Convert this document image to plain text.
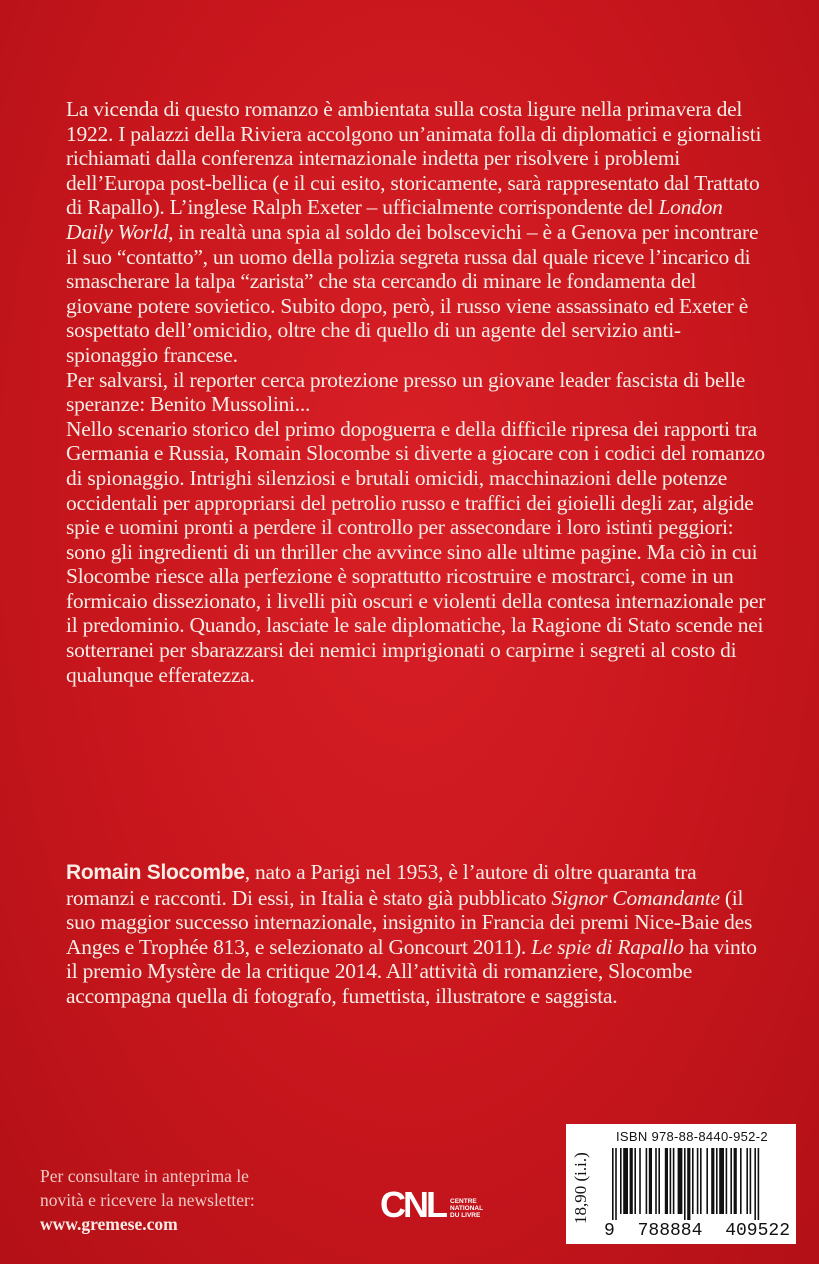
La vicenda di questo romanzo è ambientata sulla costa ligure nella primavera del 1922. I palazzi della Riviera accolgono un’animata folla di diplomatici e giornalisti richiamati dalla conferenza internazionale indetta per risolvere i problemi dell’Europa post-bellica (e il cui esito, storicamente, sarà rappresentato dal Trattato di Rapallo). L’inglese Ralph Exeter – ufficialmente corrispondente del London Daily World, in realtà una spia al soldo dei bolscevichi – è a Genova per incontrare il suo “contatto”, un uomo della polizia segreta russa dal quale riceve l’incarico di smascherare la talpa “zarista” che sta cercando di minare le fondamenta del giovane potere sovietico. Subito dopo, però, il russo viene assassinato ed Exeter è sospettato dell’omicidio, oltre che di quello di un agente del servizio anti-spionaggio francese.

Per salvarsi, il reporter cerca protezione presso un giovane leader fascista di belle speranze: Benito Mussolini...

Nello scenario storico del primo dopoguerra e della difficile ripresa dei rapporti tra Germania e Russia, Romain Slocombe si diverte a giocare con i codici del romanzo di spionaggio. Intrighi silenziosi e brutali omicidi, macchinazioni delle potenze occidentali per appropriarsi del petrolio russo e traffici dei gioielli degli zar, algide spie e uomini pronti a perdere il controllo per assecondare i loro istinti peggiori: sono gli ingredienti di un thriller che avvince sino alle ultime pagine. Ma ciò in cui Slocombe riesce alla perfezione è soprattutto ricostruire e mostrarci, come in un formicaio dissezionato, i livelli più oscuri e violenti della contesa internazionale per il predominio. Quando, lasciate le sale diplomatiche, la Ragione di Stato scende nei sotterranei per sbarazzarsi dei nemici imprigionati o carpirne i segreti al costo di qualunque efferatezza.

Romain Slocombe, nato a Parigi nel 1953, è l’autore di oltre quaranta tra romanzi e racconti. Di essi, in Italia è stato già pubblicato Signor Comandante (il suo maggior successo internazionale, insignito in Francia dei premi Nice-Baie des Anges e Trophée 813, e selezionato al Goncourt 2011). Le spie di Rapallo ha vinto il premio Mystère de la critique 2014. All’attività di romanziere, Slocombe accompagna quella di fotografo, fumettista, illustratore e saggista.

Per consultare in anteprima le
novità e ricevere la newsletter:
www.gremese.com	CNL CENTRE
NATIONAL
DU LIVRE	18,90 (i.i.)
ISBN 978-88-8440-952-2
9 788884 409522
